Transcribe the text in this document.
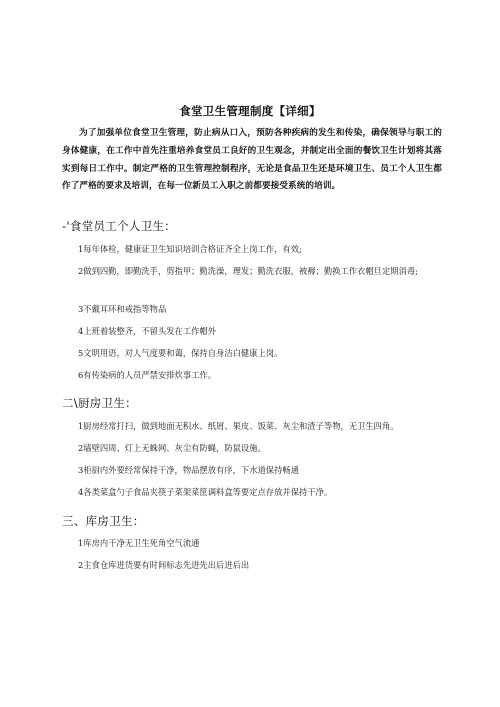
食堂卫生管理制度【详细】
为了加强单位食堂卫生管理，防止病从口入，预防各种疾病的发生和传染，确保领导与职工的身体健康，在工作中首先注重培养食堂员工良好的卫生观念，并制定出全面的餐饮卫生计划将其落实到每日工作中。制定严格的卫生管理控制程序，无论是食品卫生还是环境卫生、员工个人卫生都作了严格的要求及培训，在每一位新员工入职之前都要接受系统的培训。
-'食堂员工个人卫生：
1每年体检，健康证卫生知识培训合格证齐全上岗工作，有效;
2做到四勤，即勤洗手，剪指甲；勤洗澡，理发；勤洗衣服，被褥；勤换工作衣帽旦定期消毒;
3不戴耳环和戒指等物品
4上班着装整齐，不留头发在工作帽外
5文明用语，对人气度要和蔼，保持自身洁白健康上岗。
6有传染病的人员严禁安排炊事工作。
二\厨房卫生：
1厨房经常打扫，做到地面无积水、纸屑、果皮、饭菜、灰尘和渣子等物，无卫生四角。
2墙壁四周、灯上无蛛网、灰尘有防蝇，防鼠设施。
3柜厨内外要经常保持干净，物品摆放有序，下水道保持畅通
4各类菜盒勺子食品夹筷子菜架菜筐调料盒等要定点存放并保持干净。
三、库房卫生：
1库房内干净无卫生死角空气流通
2主食仓库进货要有时间标志先进先出后进后出
